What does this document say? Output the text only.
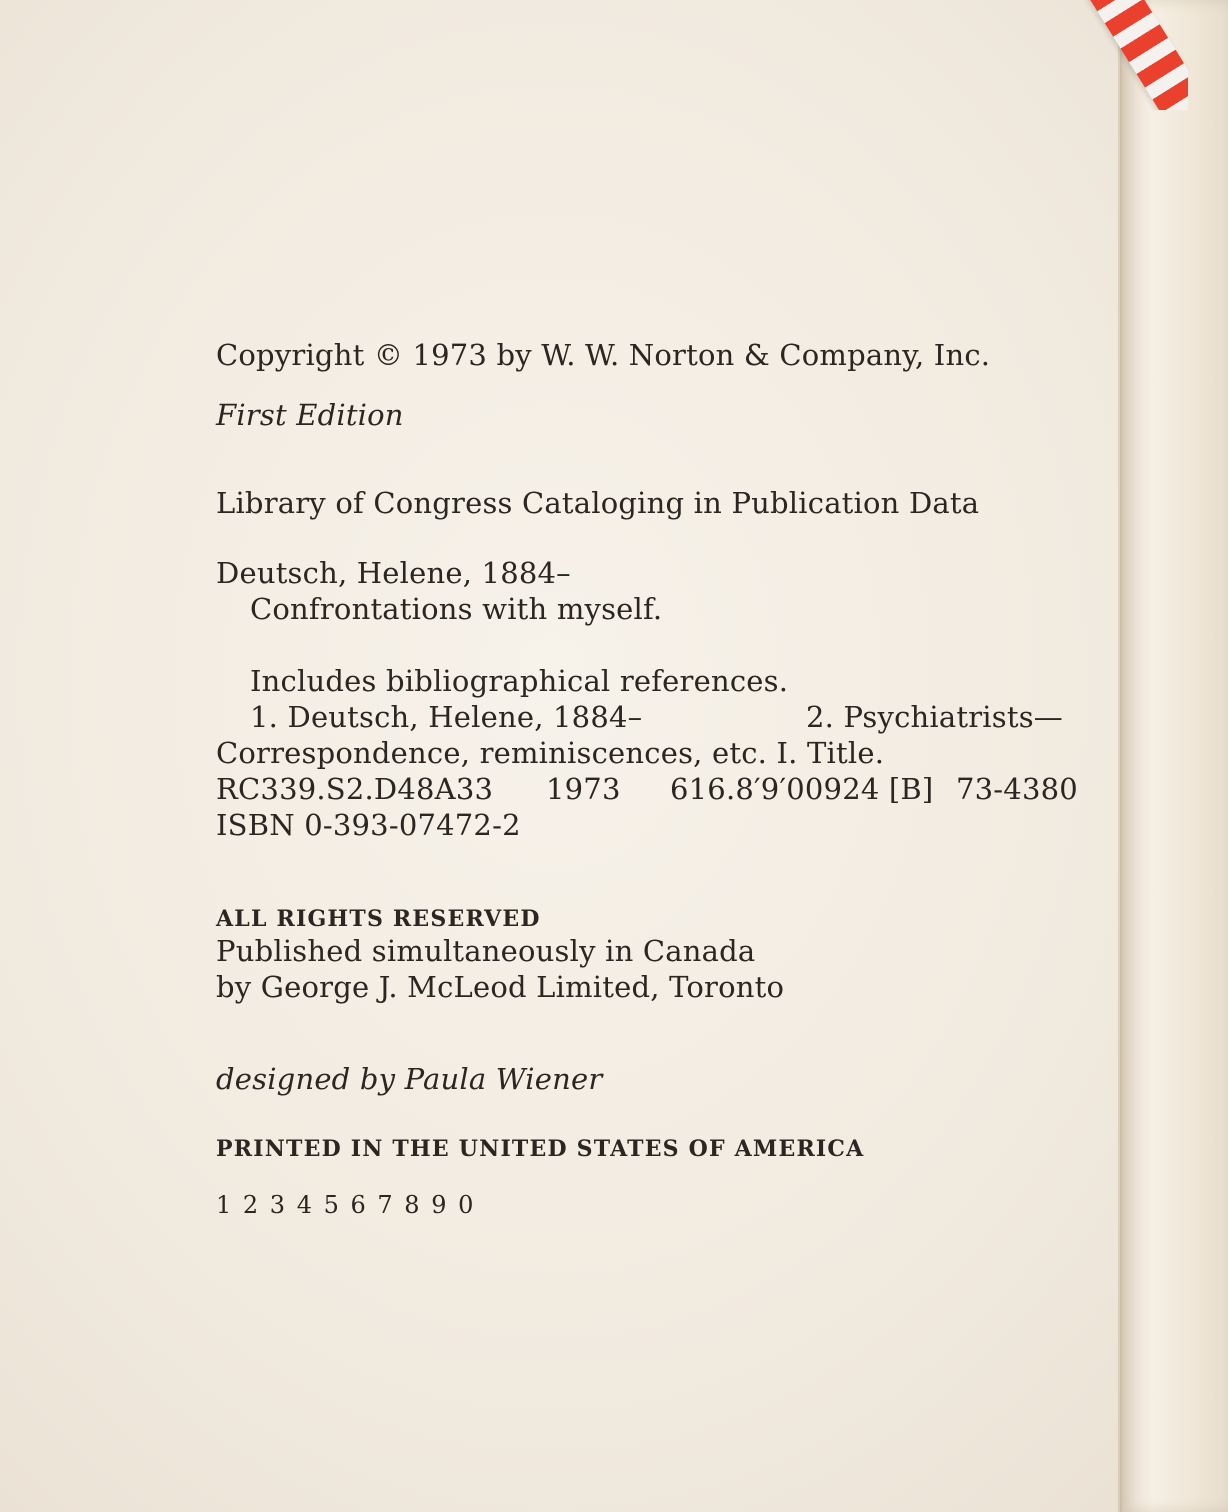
Copyright © 1973 by W. W. Norton & Company, Inc.
First Edition
Library of Congress Cataloging in Publication Data
Deutsch, Helene, 1884–
Confrontations with myself.
Includes bibliographical references.
1. Deutsch, Helene, 1884–	2. Psychiatrists—
Correspondence, reminiscences, etc. I. Title.
RC339.S2.D48A33 1973 616.8′9′00924 [B] 73-4380
ISBN 0-393-07472-2
ALL RIGHTS RESERVED
Published simultaneously in Canada
by George J. McLeod Limited, Toronto
designed by Paula Wiener
PRINTED IN THE UNITED STATES OF AMERICA
1 2 3 4 5 6 7 8 9 0
